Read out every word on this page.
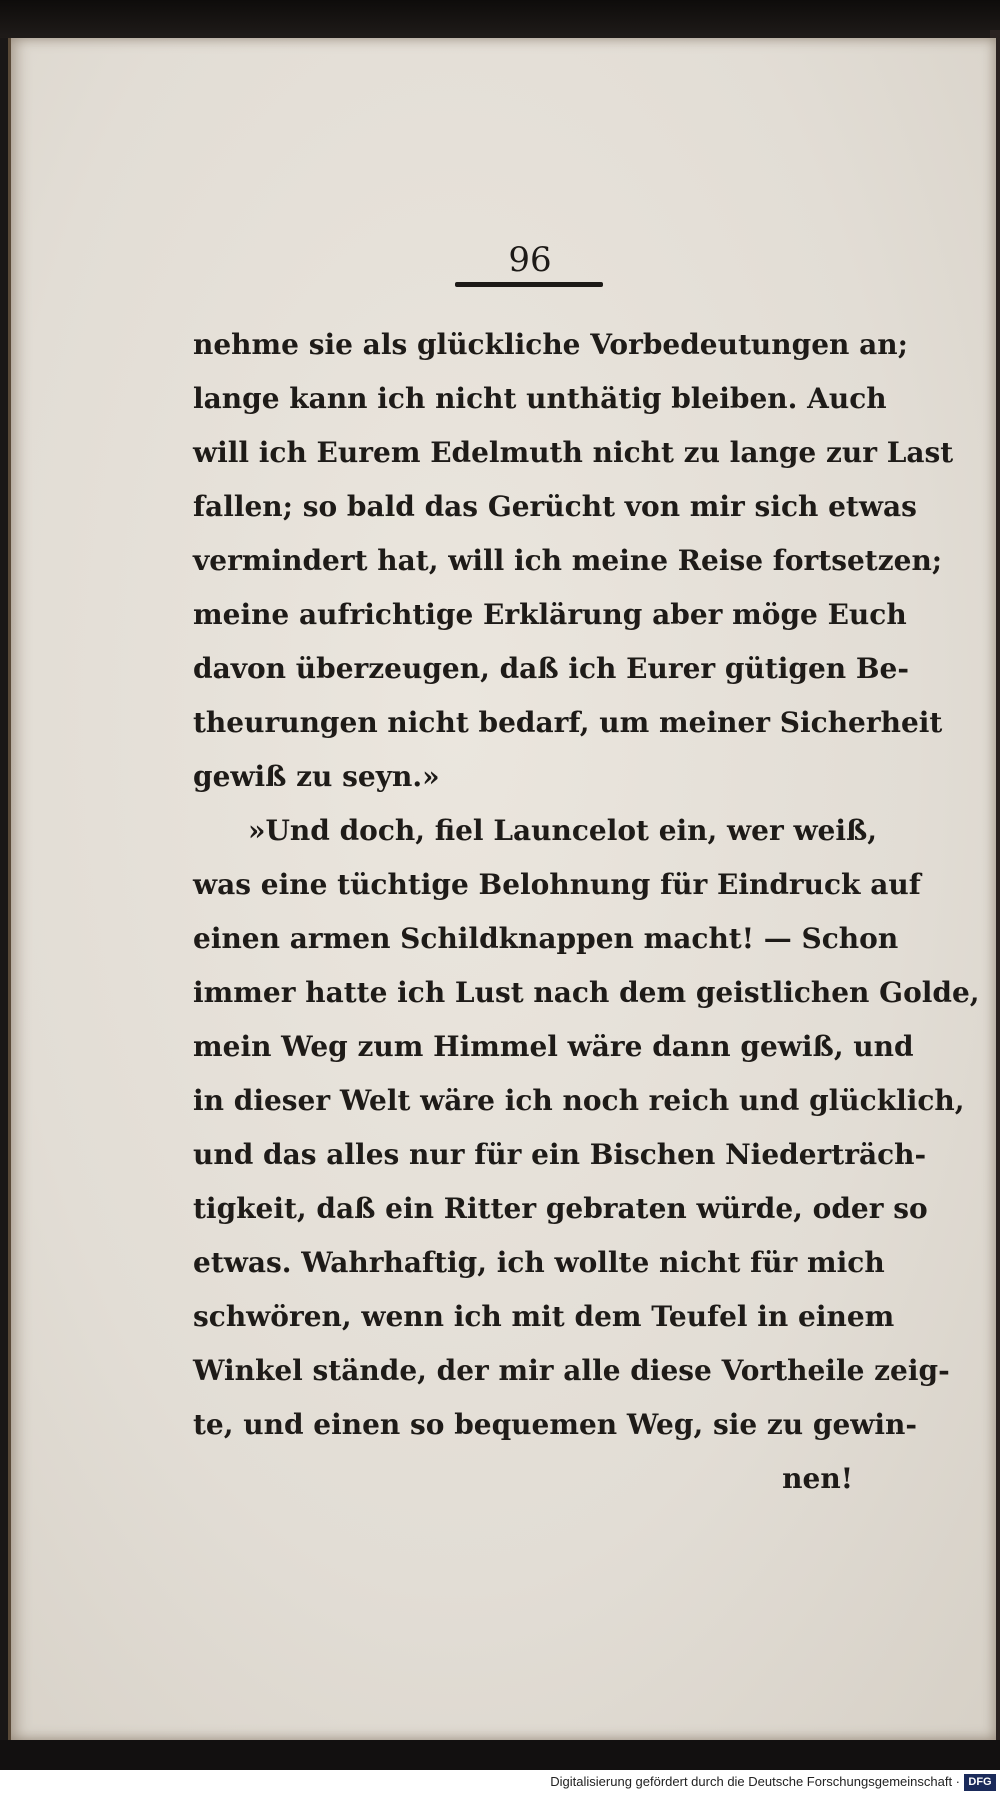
96
nehme sie als glückliche Vorbedeutungen an;
lange kann ich nicht unthätig bleiben. Auch
will ich Eurem Edelmuth nicht zu lange zur Last
fallen; so bald das Gerücht von mir sich etwas
vermindert hat, will ich meine Reise fortsetzen;
meine aufrichtige Erklärung aber möge Euch
davon überzeugen, daß ich Eurer gütigen Be-
theurungen nicht bedarf, um meiner Sicherheit
gewiß zu seyn.»
»Und doch, fiel Launcelot ein, wer weiß,
was eine tüchtige Belohnung für Eindruck auf
einen armen Schildknappen macht! — Schon
immer hatte ich Lust nach dem geistlichen Golde,
mein Weg zum Himmel wäre dann gewiß, und
in dieser Welt wäre ich noch reich und glücklich,
und das alles nur für ein Bischen Niederträch-
tigkeit, daß ein Ritter gebraten würde, oder so
etwas. Wahrhaftig, ich wollte nicht für mich
schwören, wenn ich mit dem Teufel in einem
Winkel stände, der mir alle diese Vortheile zeig-
te, und einen so bequemen Weg, sie zu gewin-
nen!
Digitalisierung gefördert durch die Deutsche Forschungsgemeinschaft · DFG
